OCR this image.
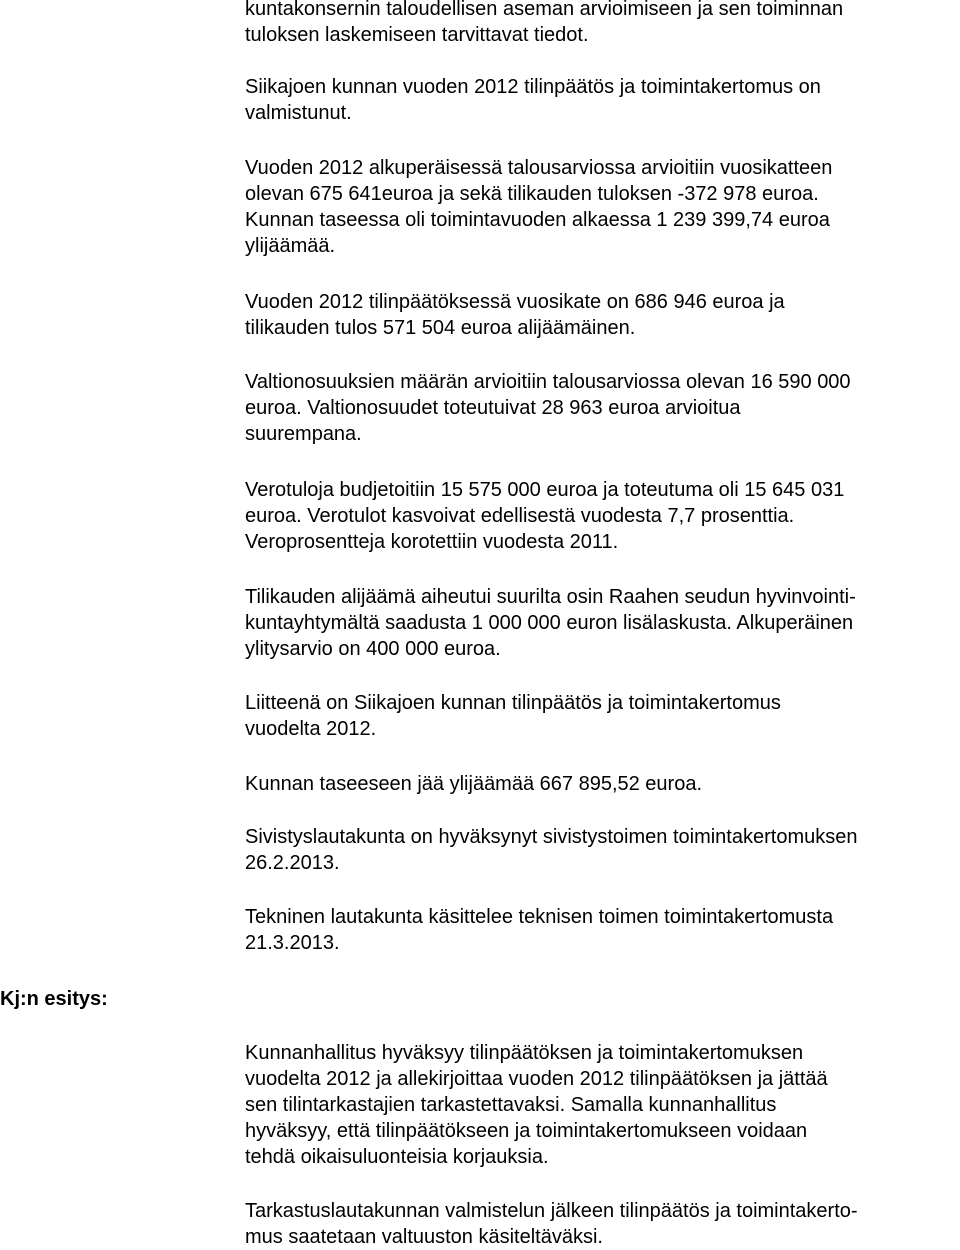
kuntakonsernin taloudellisen aseman arvioimiseen ja sen toiminnan
tuloksen laskemiseen tarvittavat tiedot.

Siikajoen kunnan vuoden 2012 tilinpäätös ja toimintakertomus on
valmistunut.

Vuoden 2012 alkuperäisessä talousarviossa arvioitiin vuosikatteen
olevan 675 641euroa ja sekä tilikauden tuloksen -372 978 euroa.
Kunnan taseessa oli toimintavuoden alkaessa 1 239 399,74 euroa
ylijäämää.

Vuoden 2012 tilinpäätöksessä vuosikate on 686 946 euroa ja
tilikauden tulos 571 504 euroa alijäämäinen.

Valtionosuuksien määrän arvioitiin talousarviossa olevan 16 590 000
euroa. Valtionosuudet toteutuivat 28 963 euroa arvioitua
suurempana.

Verotuloja budjetoitiin 15 575 000 euroa ja toteutuma oli 15 645 031
euroa. Verotulot kasvoivat edellisestä vuodesta 7,7 prosenttia.
Veroprosentteja korotettiin vuodesta 2011.

Tilikauden alijäämä aiheutui suurilta osin Raahen seudun hyvinvointi-
kuntayhtymältä saadusta 1 000 000 euron lisälaskusta. Alkuperäinen
ylitysarvio on 400 000 euroa.

Liitteenä on Siikajoen kunnan tilinpäätös ja toimintakertomus
vuodelta 2012.

Kunnan taseeseen jää ylijäämää 667 895,52 euroa.

Sivistyslautakunta on hyväksynyt sivistystoimen toimintakertomuksen
26.2.2013.

Tekninen lautakunta käsittelee teknisen toimen toimintakertomusta
21.3.2013.

Kj:n esitys:

Kunnanhallitus hyväksyy tilinpäätöksen ja toimintakertomuksen
vuodelta 2012 ja allekirjoittaa vuoden 2012 tilinpäätöksen ja jättää
sen tilintarkastajien tarkastettavaksi. Samalla kunnanhallitus
hyväksyy, että tilinpäätökseen ja toimintakertomukseen voidaan
tehdä oikaisuluonteisia korjauksia.

Tarkastuslautakunnan valmistelun jälkeen tilinpäätös ja toimintakerto-
mus saatetaan valtuuston käsiteltäväksi.
